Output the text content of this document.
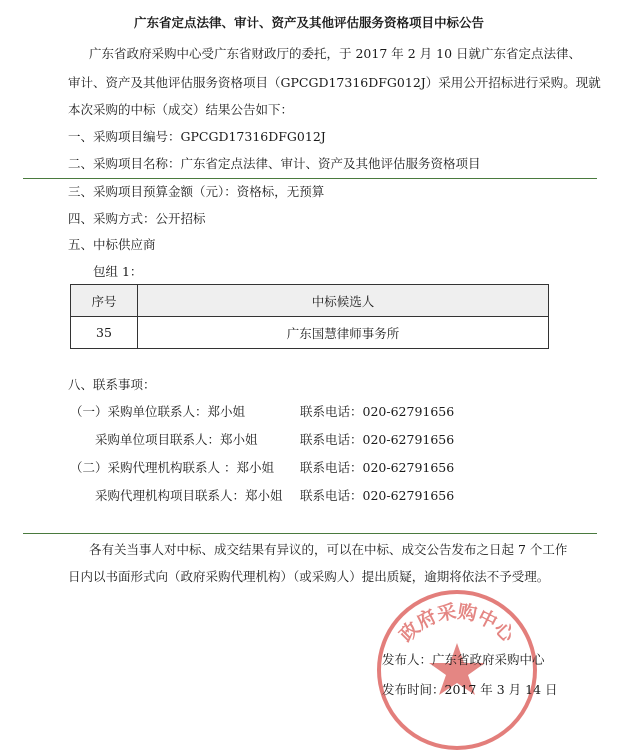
广东省定点法律、审计、资产及其他评估服务资格项目中标公告
广东省政府采购中心受广东省财政厅的委托，于 2017 年 2 月 10 日就广东省定点法律、
审计、资产及其他评估服务资格项目（GPCGD17316DFG012J）采用公开招标进行采购。现就
本次采购的中标（成交）结果公告如下：
一、采购项目编号：GPCGD17316DFG012J
二、采购项目名称：广东省定点法律、审计、资产及其他评估服务资格项目
三、采购项目预算金额（元）：资格标，无预算
四、采购方式：公开招标
五、中标供应商
包组 1：
序号	中标候选人
35	广东国慧律师事务所
八、联系事项：
（一）采购单位联系人：郑小姐	联系电话：020-62791656
采购单位项目联系人：郑小姐	联系电话：020-62791656
（二）采购代理机构联系人 ：郑小姐 联系电话：020-62791656
采购代理机构项目联系人：郑小姐 联系电话：020-62791656
各有关当事人对中标、成交结果有异议的，可以在中标、成交公告发布之日起 7 个工作
日内以书面形式向（政府采购代理机构）（或采购人）提出质疑，逾期将依法不予受理。
政府采购中心
发布人：广东省政府采购中心
发布时间：2017 年 3 月 14 日
